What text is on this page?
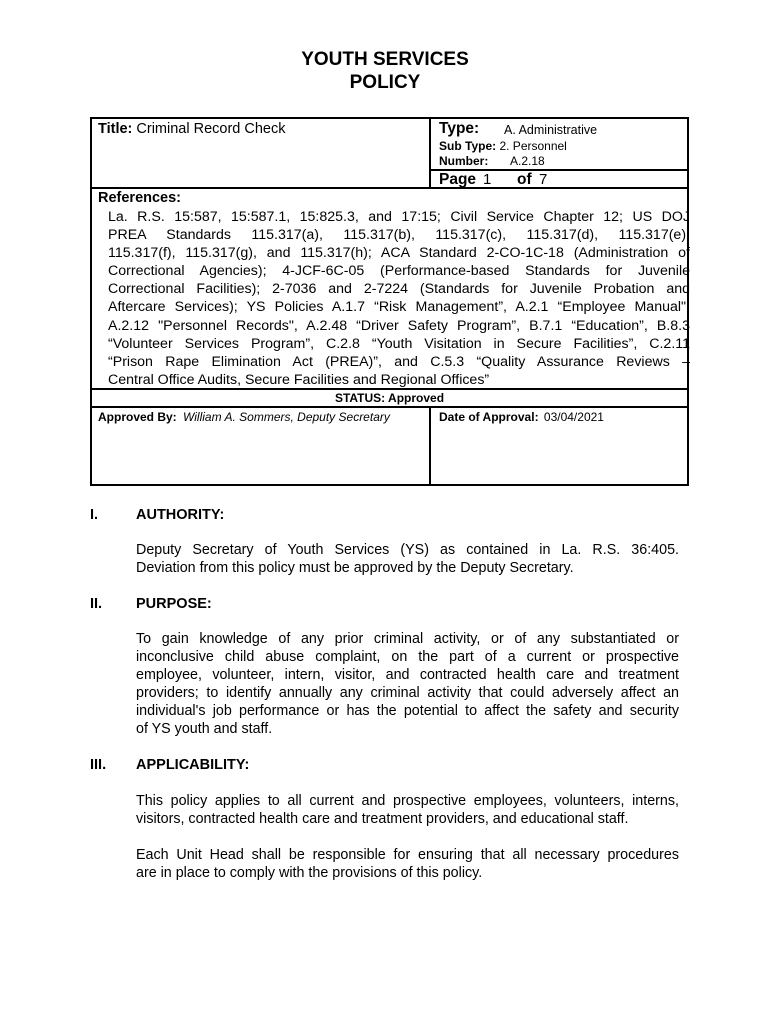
YOUTH SERVICES
POLICY
Title: Criminal Record Check	Type: A. Administrative
Sub Type: 2. Personnel
Number: A.2.18
Page 1 of 7
References:
La. R.S. 15:587, 15:587.1, 15:825.3, and 17:15; Civil Service Chapter 12; US DOJ
PREA Standards 115.317(a), 115.317(b), 115.317(c), 115.317(d), 115.317(e),
115.317(f), 115.317(g), and 115.317(h); ACA Standard 2-CO-1C-18 (Administration of
Correctional Agencies); 4-JCF-6C-05 (Performance-based Standards for Juvenile
Correctional Facilities); 2-7036 and 2-7224 (Standards for Juvenile Probation and
Aftercare Services); YS Policies A.1.7 “Risk Management”, A.2.1 “Employee Manual",
A.2.12 "Personnel Records", A.2.48 “Driver Safety Program”, B.7.1 “Education”, B.8.3
“Volunteer Services Program”, C.2.8 “Youth Visitation in Secure Facilities”, C.2.11
“Prison Rape Elimination Act (PREA)”, and C.5.3 “Quality Assurance Reviews –
Central Office Audits, Secure Facilities and Regional Offices”
STATUS: Approved
Approved By: William A. Sommers, Deputy Secretary	Date of Approval: 03/04/2021
I.	AUTHORITY:
Deputy Secretary of Youth Services (YS) as contained in La. R.S. 36:405.
Deviation from this policy must be approved by the Deputy Secretary.
II. PURPOSE:
To gain knowledge of any prior criminal activity, or of any substantiated or
inconclusive child abuse complaint, on the part of a current or prospective
employee, volunteer, intern, visitor, and contracted health care and treatment
providers; to identify annually any criminal activity that could adversely affect an
individual's job performance or has the potential to affect the safety and security
of YS youth and staff.
III. APPLICABILITY:
This policy applies to all current and prospective employees, volunteers, interns,
visitors, contracted health care and treatment providers, and educational staff.
Each Unit Head shall be responsible for ensuring that all necessary procedures
are in place to comply with the provisions of this policy.
